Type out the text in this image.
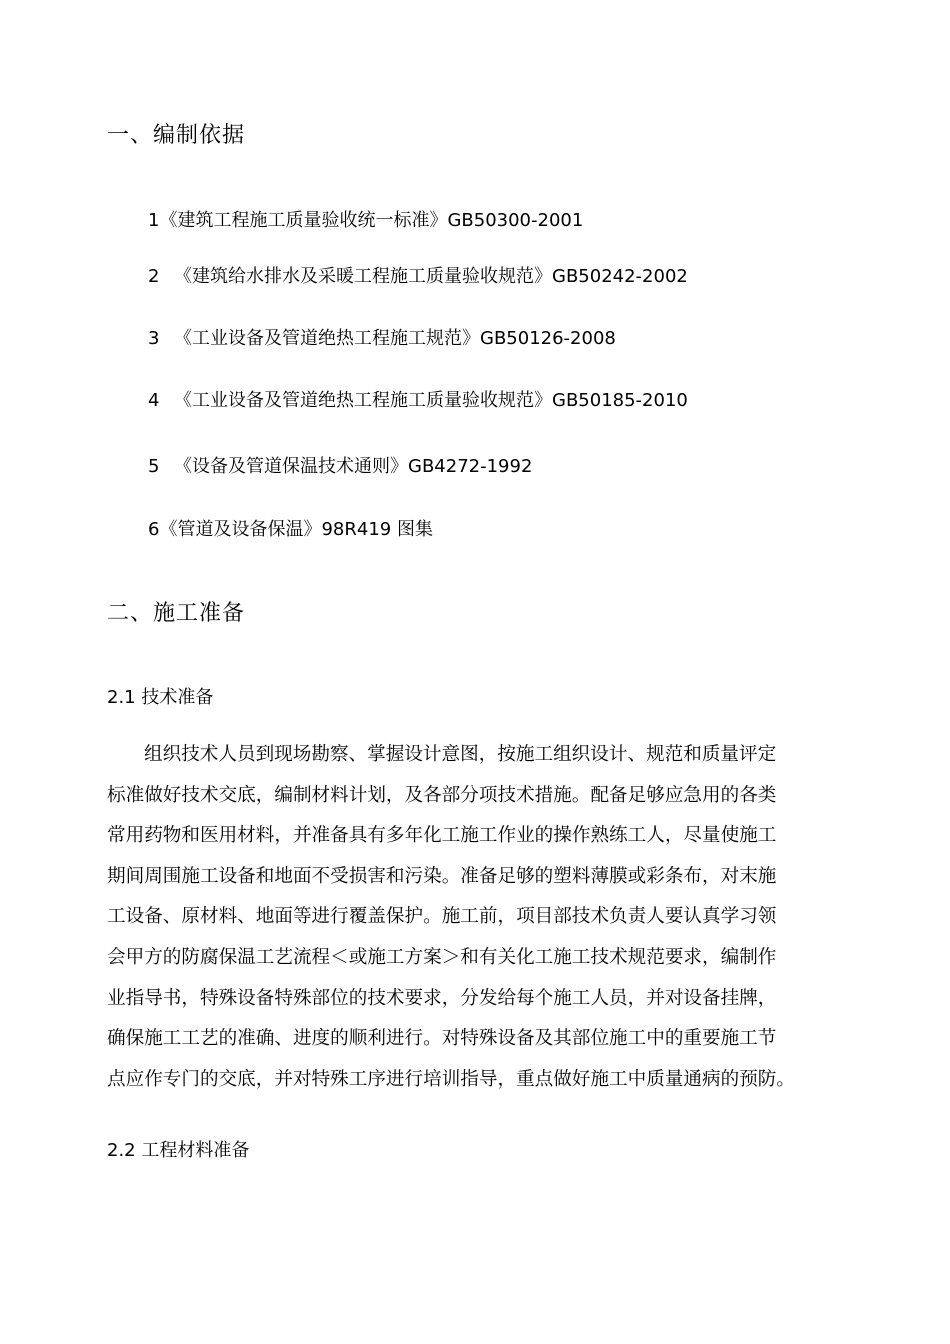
一、编制依据
1《建筑工程施工质量验收统一标准》GB50300-2001
2 《建筑给水排水及采暖工程施工质量验收规范》GB50242-2002
3 《工业设备及管道绝热工程施工规范》GB50126-2008
4 《工业设备及管道绝热工程施工质量验收规范》GB50185-2010
5 《设备及管道保温技术通则》GB4272-1992
6《管道及设备保温》98R419 图集
二、施工准备
2.1 技术准备
组织技术人员到现场勘察、掌握设计意图，按施工组织设计、规范和质量评定
标准做好技术交底，编制材料计划，及各部分项技术措施。配备足够应急用的各类
常用药物和医用材料，并准备具有多年化工施工作业的操作熟练工人，尽量使施工
期间周围施工设备和地面不受损害和污染。准备足够的塑料薄膜或彩条布，对末施
工设备、原材料、地面等进行覆盖保护。施工前，项目部技术负责人要认真学习领
会甲方的防腐保温工艺流程＜或施工方案＞和有关化工施工技术规范要求，编制作
业指导书，特殊设备特殊部位的技术要求，分发给每个施工人员，并对设备挂牌，
确保施工工艺的准确、进度的顺利进行。对特殊设备及其部位施工中的重要施工节
点应作专门的交底，并对特殊工序进行培训指导，重点做好施工中质量通病的预防。
2.2 工程材料准备
